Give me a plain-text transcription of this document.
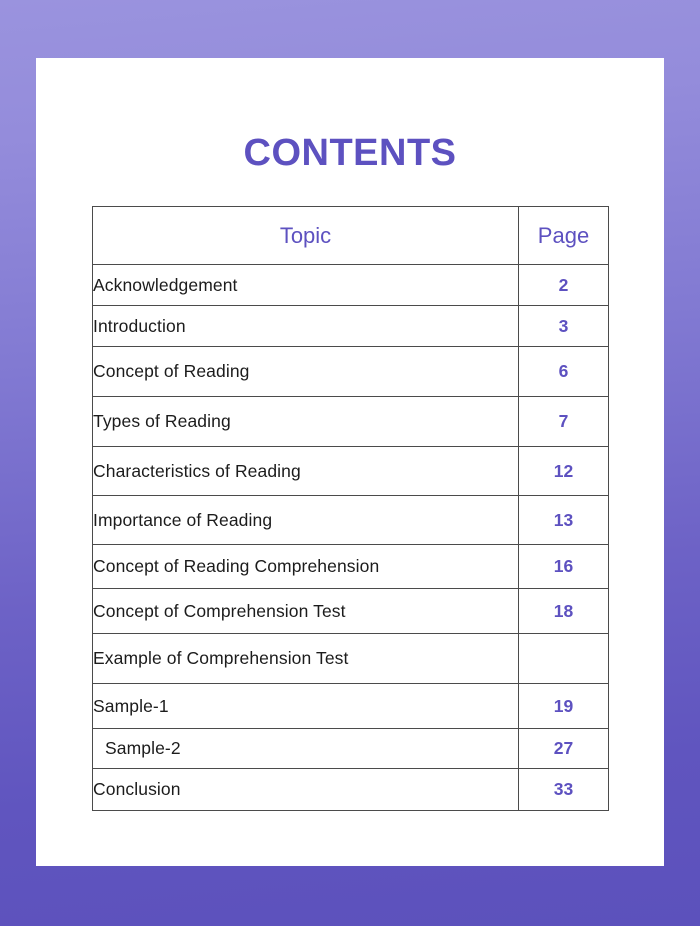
CONTENTS
Topic	Page
Acknowledgement	2
Introduction	3
Concept of Reading	6
Types of Reading	7
Characteristics of Reading	12
Importance of Reading	13
Concept of Reading Comprehension	16
Concept of Comprehension Test	18
Example of Comprehension Test	
Sample-1	19
Sample-2	27
Conclusion	33
